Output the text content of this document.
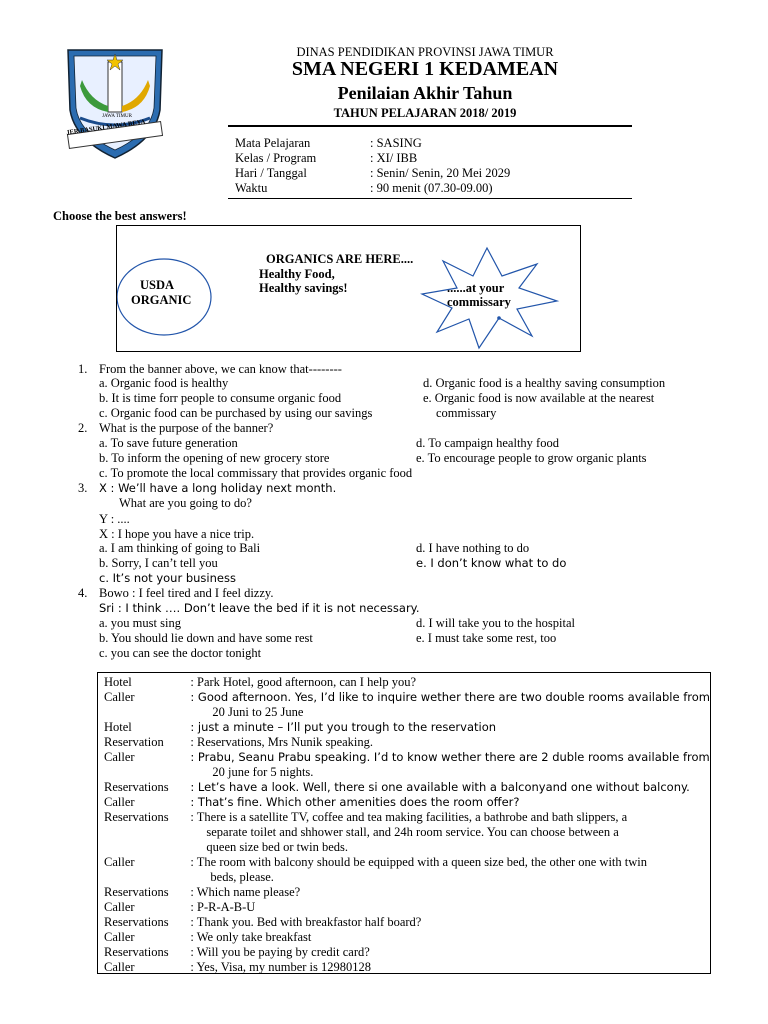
JER BASUKI MAWA BEYA
JAWA TIMUR
DINAS PENDIDIKAN PROVINSI JAWA TIMUR
SMA NEGERI 1 KEDAMEAN
Penilaian Akhir Tahun
TAHUN PELAJARAN 2018/ 2019
Mata Pelajaran	: SASING
Kelas / Program	: XI/ IBB
Hari / Tanggal	: Senin/ Senin, 20 Mei 2029
Waktu	: 90 menit (07.30-09.00)
Choose the best answers!
USDA
ORGANIC
ORGANICS ARE HERE....
Healthy Food,
Healthy savings!	......at your
commissary
1. From the banner above, we can know that--------
a. Organic food is healthy
b. It is time forr people to consume organic food
c. Organic food can be purchased by using our savings
d. Organic food is a healthy saving consumption
e. Organic food is now available at the nearest
commissary
2. What is the purpose of the banner?
a. To save future generation
b. To inform the opening of new grocery store
c. To promote the local commissary that provides organic food
d. To campaign healthy food
e. To encourage people to grow organic plants
3. X : We’ll have a long holiday next month.
What are you going to do?
Y : ....
X : I hope you have a nice trip.
a. I am thinking of going to Bali
b. Sorry, I can’t tell you
c. It’s not your business
d. I have nothing to do
e. I don’t know what to do
4. Bowo : I feel tired and I feel dizzy.
Sri : I think …. Don’t leave the bed if it is not necessary.
a. you must sing
b. You should lie down and have some rest
c. you can see the doctor tonight
d. I will take you to the hospital
e. I must take some rest, too
Hotel	: Park Hotel, good afternoon, can I help you?
Caller	: Good afternoon. Yes, I’d like to inquire wether there are two double rooms available from
	20 Juni to 25 June
Hotel	: just a minute – I’ll put you trough to the reservation
Reservation	: Reservations, Mrs Nunik speaking.
Caller	: Prabu, Seanu Prabu speaking. I’d to know wether there are 2 duble rooms available from
	20 june for 5 nights.
Reservations	: Let’s have a look. Well, there si one available with a balconyand one without balcony.
Caller	: That’s fine. Which other amenities does the room offer?
Reservations	: There is a satellite TV, coffee and tea making facilities, a bathrobe and bath slippers, a
	separate toilet and shhower stall, and 24h room service. You can choose between a
	queen size bed or twin beds.
Caller	: The room with balcony should be equipped with a queen size bed, the other one with twin
	beds, please.
Reservations	: Which name please?
Caller	: P-R-A-B-U
Reservations	: Thank you. Bed with breakfastor half board?
Caller	: We only take breakfast
Reservations	: Will you be paying by credit card?
Caller	: Yes, Visa, my number is 12980128
